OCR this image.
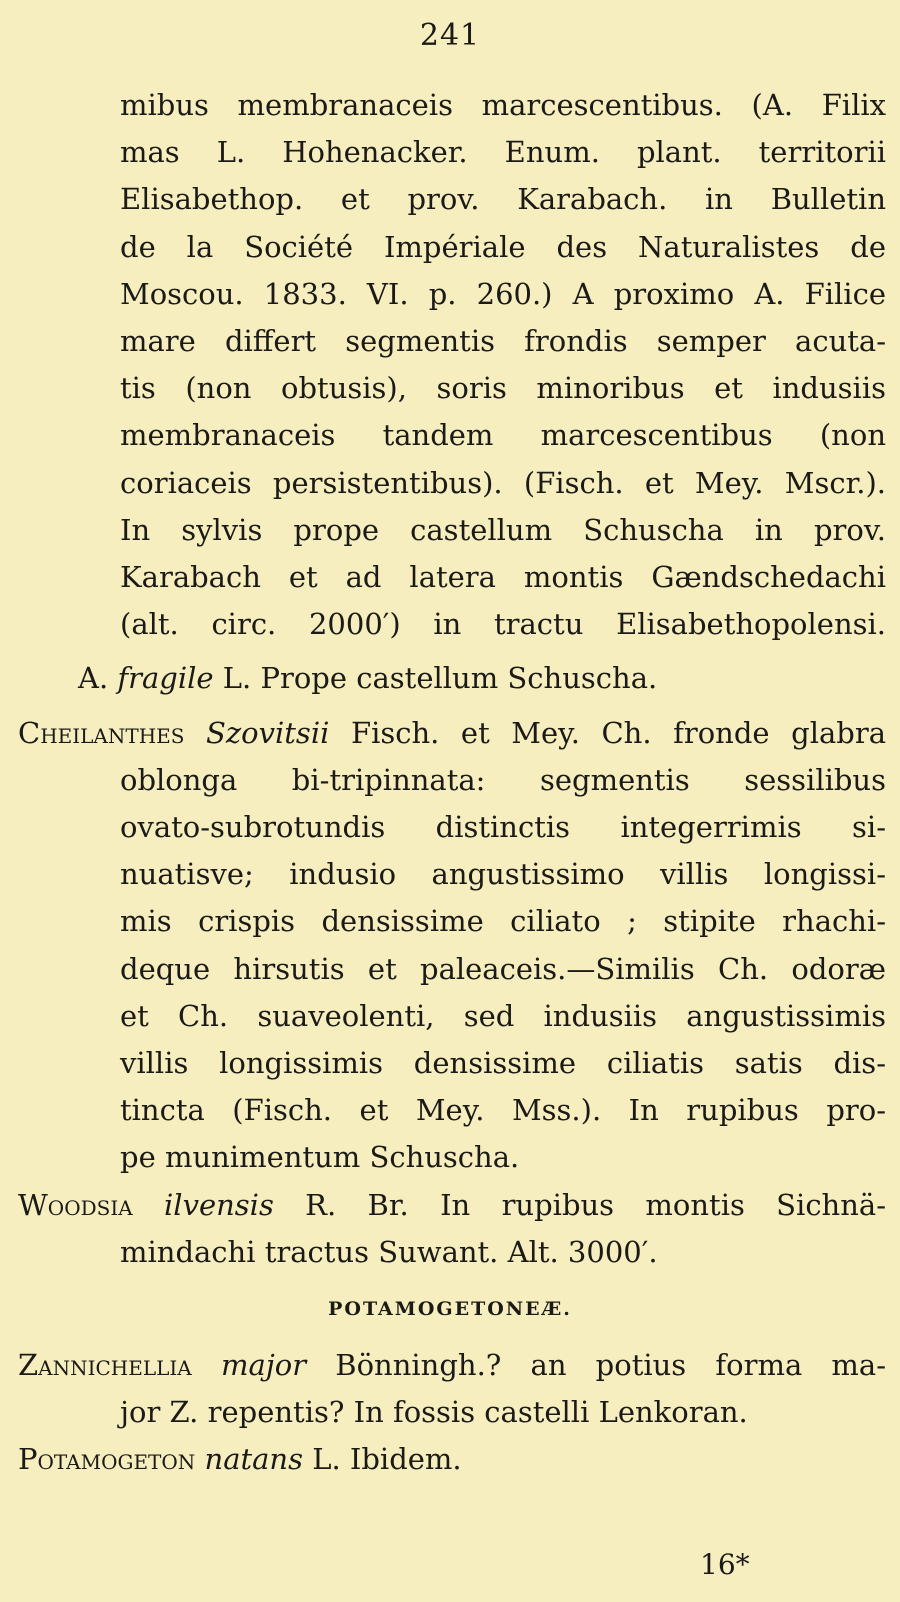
241
mibus membranaceis marcescentibus. (A. Filix
mas L. Hohenacker. Enum. plant. territorii
Elisabethop. et prov. Karabach. in Bulletin
de la Société Impériale des Naturalistes de
Moscou. 1833. VI. p. 260.) A proximo A. Filice
mare differt segmentis frondis semper acuta-
tis (non obtusis), soris minoribus et indusiis
membranaceis tandem marcescentibus (non
coriaceis persistentibus). (Fisch. et Mey. Mscr.).
In sylvis prope castellum Schuscha in prov.
Karabach et ad latera montis Gændschedachi
(alt. circ. 2000′) in tractu Elisabethopolensi.
A. fragile L. Prope castellum Schuscha.
Cheilanthes Szovitsii Fisch. et Mey. Ch. fronde glabra
oblonga bi-tripinnata: segmentis sessilibus
ovato-subrotundis distinctis integerrimis si-
nuatisve; indusio angustissimo villis longissi-
mis crispis densissime ciliato ; stipite rhachi-
deque hirsutis et paleaceis.—Similis Ch. odoræ
et Ch. suaveolenti, sed indusiis angustissimis
villis longissimis densissime ciliatis satis dis-
tincta (Fisch. et Mey. Mss.). In rupibus pro-
pe munimentum Schuscha.
Woodsia ilvensis R. Br. In rupibus montis Sichnä-
mindachi tractus Suwant. Alt. 3000′.
POTAMOGETONEÆ.
Zannichellia major Bönningh.? an potius forma ma-
jor Z. repentis? In fossis castelli Lenkoran.
Potamogeton natans L. Ibidem.
16*
